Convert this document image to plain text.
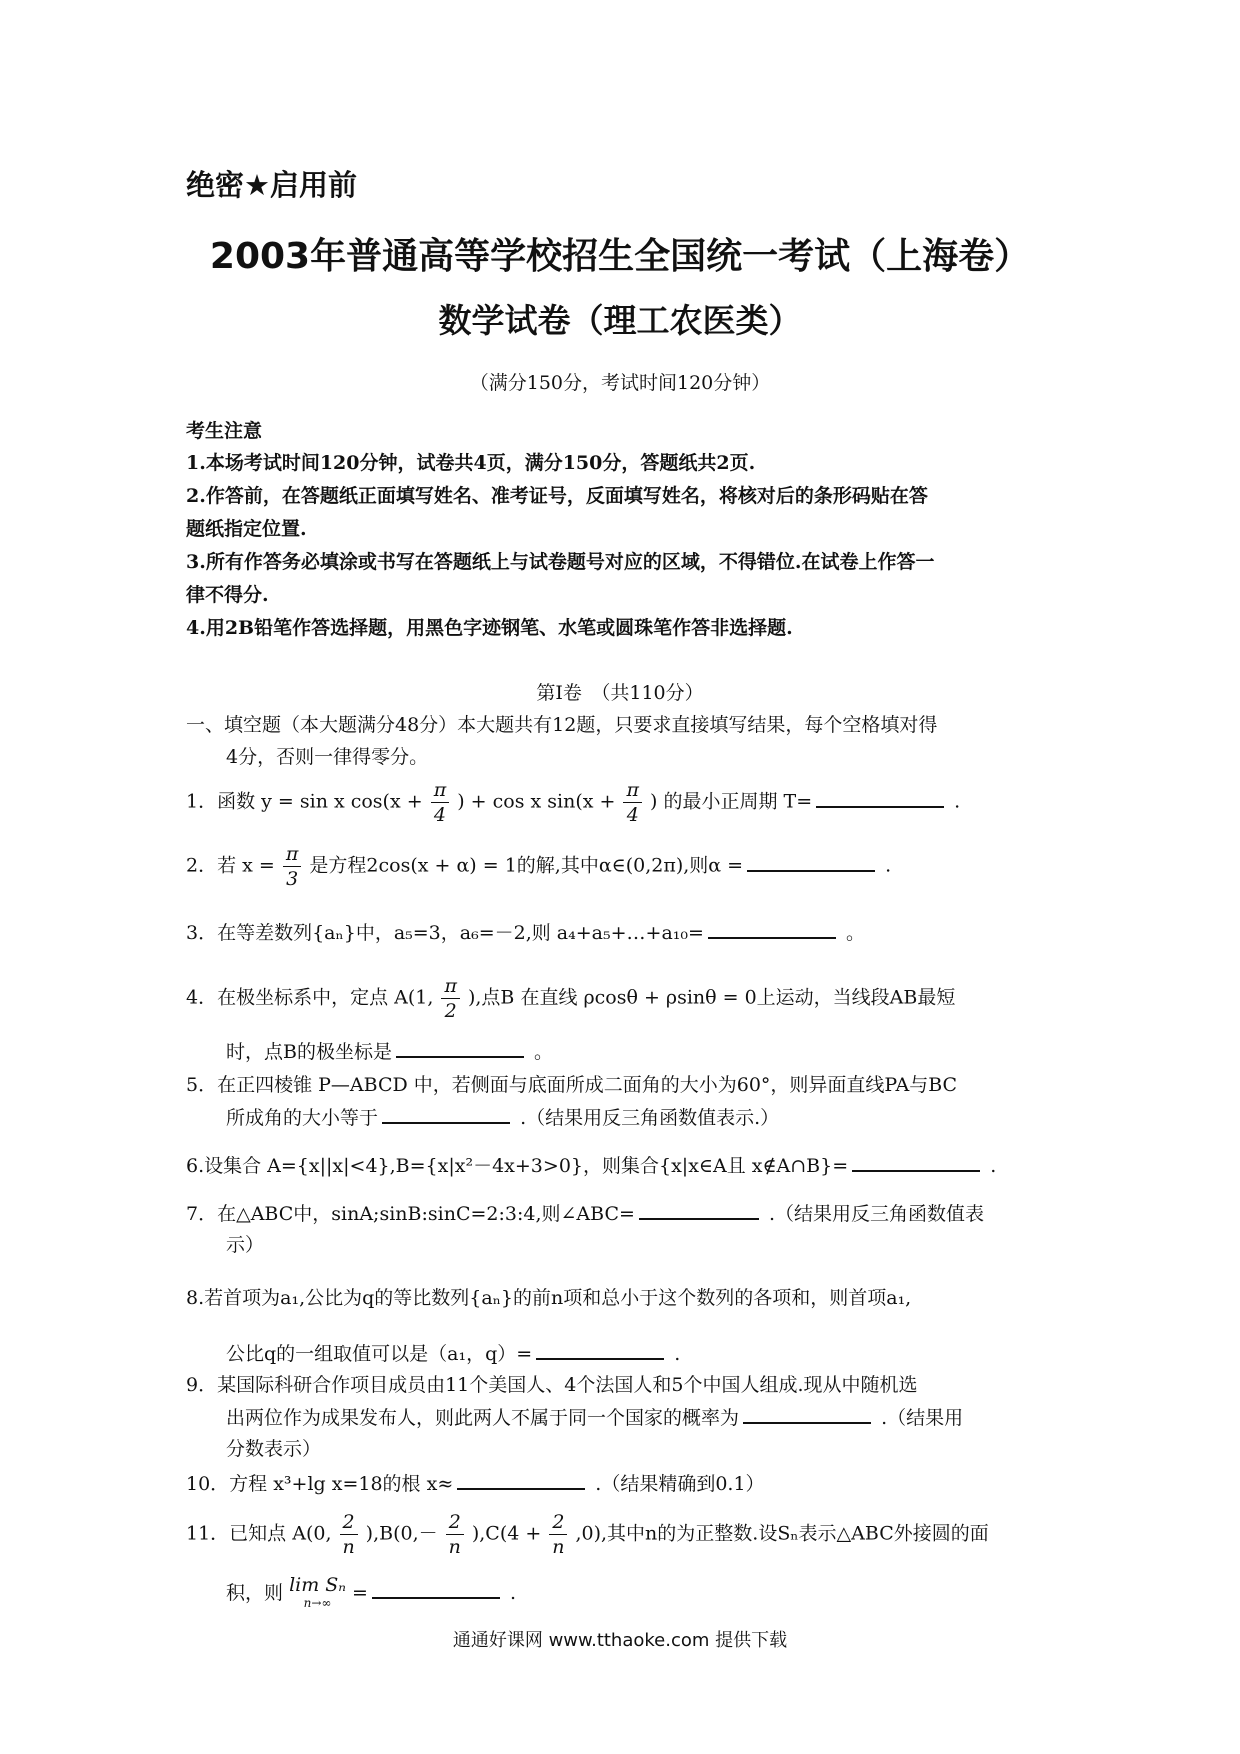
绝密★启用前
2003年普通高等学校招生全国统一考试（上海卷）
数学试卷（理工农医类）
（满分150分，考试时间120分钟）
考生注意
1.本场考试时间120分钟，试卷共4页，满分150分，答题纸共2页.
2.作答前，在答题纸正面填写姓名、准考证号，反面填写姓名，将核对后的条形码贴在答
题纸指定位置.
3.所有作答务必填涂或书写在答题纸上与试卷题号对应的区域，不得错位.在试卷上作答一
律不得分.
4.用2B铅笔作答选择题，用黑色字迹钢笔、水笔或圆珠笔作答非选择题.
第Ⅰ卷　（共110分）
一、填空题（本大题满分48分）本大题共有12题，只要求直接填写结果，每个空格填对得
4分，否则一律得零分。
1．函数 y = sin x $\cos(x + \frac{\pi}{4}$ ) + cos x $\sin(x + \frac{\pi}{4}$ ) 的最小正周期 T=	.
2．若 $x = \frac{\pi}{3}$ 是方程2cos(x + α) = 1的解,其中α∈(0,2π),则α =	.
3．在等差数列{aₙ}中，a₅=3，a₆=－2,则 a₄+a₅+…+a₁₀=	。
4．在极坐标系中，定点 A(1, $\frac{\pi}{2}$ ),点B 在直线 ρcosθ + ρsinθ = 0上运动，当线段AB最短
时，点B的极坐标是	。
5．在正四棱锥 P—ABCD 中，若侧面与底面所成二面角的大小为60°，则异面直线PA与BC
所成角的大小等于	.（结果用反三角函数值表示.）
6.设集合 A={x||x|<4},B={x|x²－4x+3>0}，则集合{x|x∈A且 x∉A∩B}=	.
7．在△ABC中，sinA;sinB:sinC=2:3:4,则∠ABC=	.（结果用反三角函数值表
示）
8.若首项为a₁,公比为q的等比数列{aₙ}的前n项和总小于这个数列的各项和，则首项a₁,
公比q的一组取值可以是（a₁，q）=	.
9．某国际科研合作项目成员由11个美国人、4个法国人和5个中国人组成.现从中随机选
出两位作为成果发布人，则此两人不属于同一个国家的概率为	.（结果用
分数表示）
10．方程 x³+lg x=18的根 x≈	.（结果精确到0.1）
11．已知点 A(0, $\frac{2}{n} ),B(0,- \frac{2}{n} ),C(4 + \frac{2}{n} ,0)$,其中n的为正整数.设Sₙ表示△ABC外接圆的面
积，则 lim Sₙ
n→∞	=	.
通通好课网 www.tthaoke.com 提供下载
